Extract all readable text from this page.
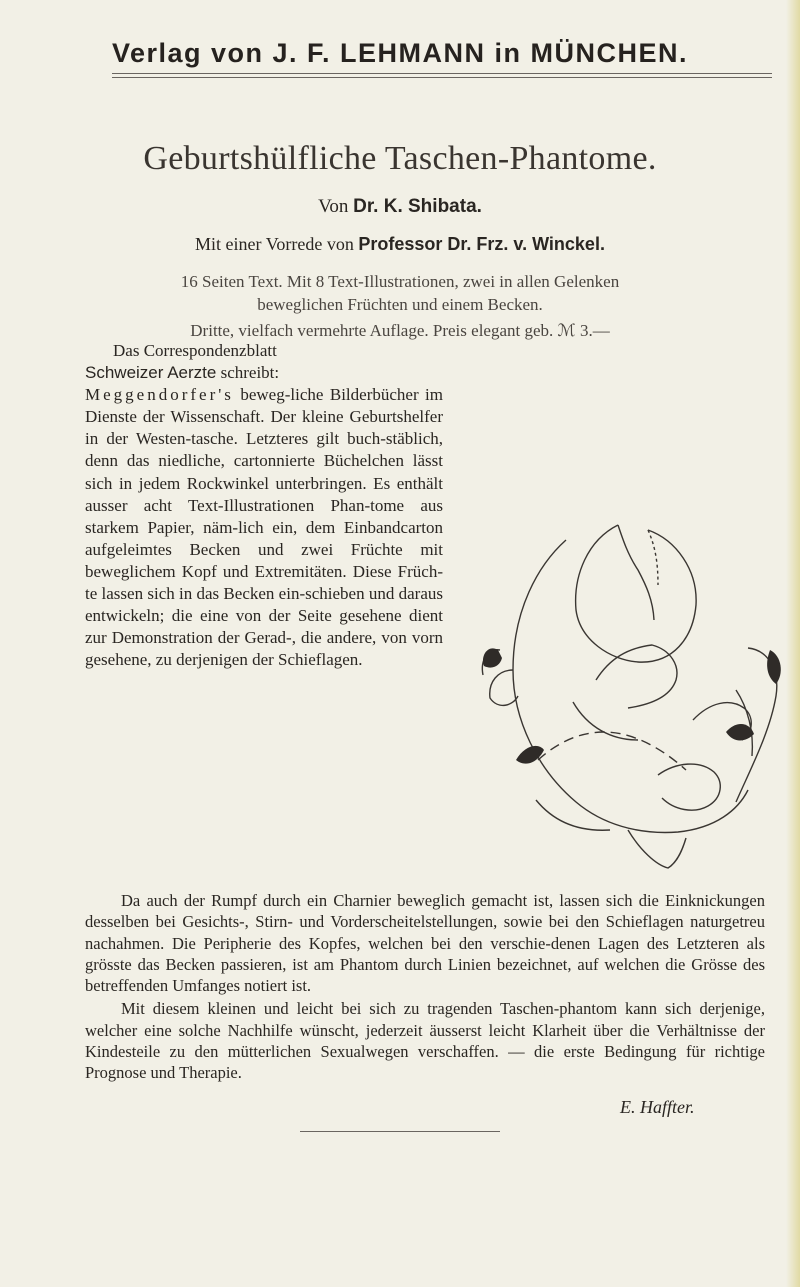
Verlag von J. F. LEHMANN in MÜNCHEN.
Geburtshülfliche Taschen-Phantome.
Von Dr. K. Shibata.
Mit einer Vorrede von Professor Dr. Frz. v. Winckel.
16 Seiten Text. Mit 8 Text-Illustrationen, zwei in allen Gelenken
beweglichen Früchten und einem Becken.
Dritte, vielfach vermehrte Auflage. Preis elegant geb. ℳ 3.—
Das Correspondenzblatt
Schweizer Aerzte schreibt:
Meggendorfer's beweg-liche Bilderbücher im Dienste der Wissenschaft. Der kleine Geburtshelfer in der Westen-tasche. Letzteres gilt buch-stäblich, denn das niedliche, cartonnierte Büchelchen lässt sich in jedem Rockwinkel unterbringen. Es enthält ausser acht Text-Illustrationen Phan-tome aus starkem Papier, näm-lich ein, dem Einbandcarton aufgeleimtes Becken und zwei Früchte mit beweglichem Kopf und Extremitäten. Diese Früch-te lassen sich in das Becken ein-schieben und daraus entwickeln; die eine von der Seite gesehene dient zur Demonstration der Gerad-, die andere, von vorn gesehene, zu derjenigen der Schieflagen.

Da auch der Rumpf durch ein Charnier beweglich gemacht ist, lassen sich die Einknickungen desselben bei Gesichts-, Stirn- und Vorderscheitelstellungen, sowie bei den Schieflagen naturgetreu nachahmen. Die Peripherie des Kopfes, welchen bei den verschie-denen Lagen des Letzteren als grösste das Becken passieren, ist am Phantom durch Linien bezeichnet, auf welchen die Grösse des betreffenden Umfanges notiert ist.

Mit diesem kleinen und leicht bei sich zu tragenden Taschen-phantom kann sich derjenige, welcher eine solche Nachhilfe wünscht, jederzeit äusserst leicht Klarheit über die Verhältnisse der Kindesteile zu den mütterlichen Sexualwegen verschaffen. — die erste Bedingung für richtige Prognose und Therapie.

E. Haffter.
